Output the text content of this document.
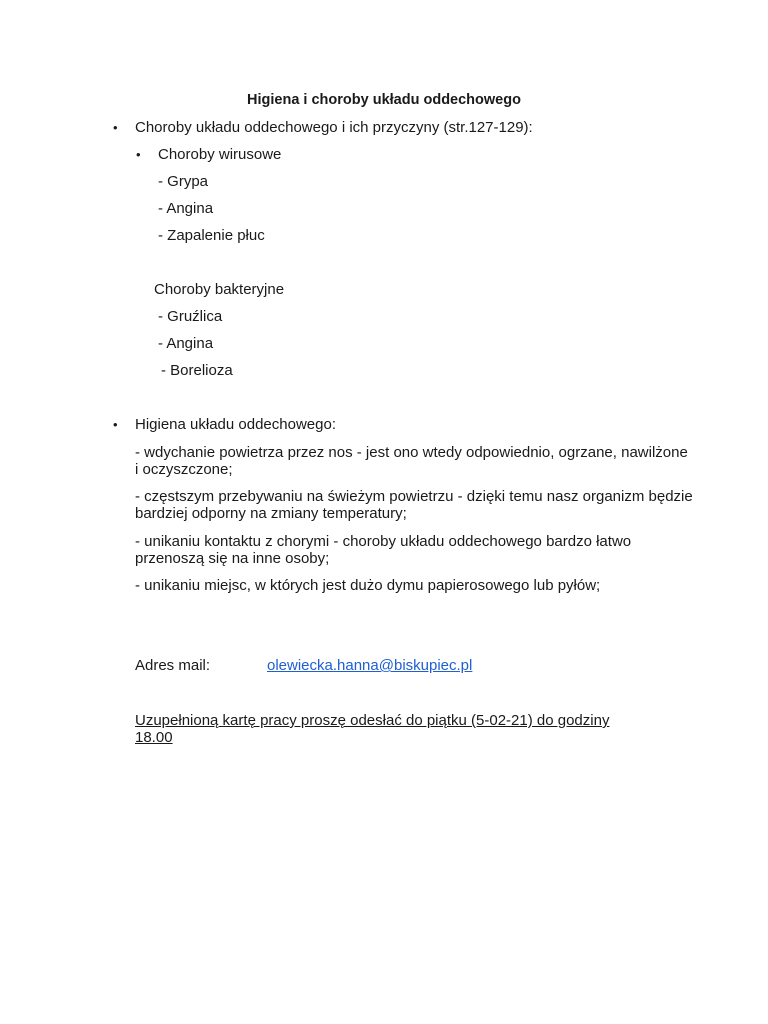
Higiena i choroby układu oddechowego
• Choroby układu oddechowego i ich przyczyny (str.127-129):
• Choroby wirusowe
- Grypa
- Angina
- Zapalenie płuc
Choroby bakteryjne
- Gruźlica
- Angina
- Borelioza
• Higiena układu oddechowego:
- wdychanie powietrza przez nos - jest ono wtedy odpowiednio, ogrzane, nawilżone i oczyszczone;
- częstszym przebywaniu na świeżym powietrzu - dzięki temu nasz organizm będzie bardziej odporny na zmiany temperatury;
- unikaniu kontaktu z chorymi - choroby układu oddechowego bardzo łatwo przenoszą się na inne osoby;
- unikaniu miejsc, w których jest dużo dymu papierosowego lub pyłów;
Adres mail:	olewiecka.hanna@biskupiec.pl
Uzupełnioną kartę pracy proszę odesłać do piątku (5-02-21) do godziny
18.00
